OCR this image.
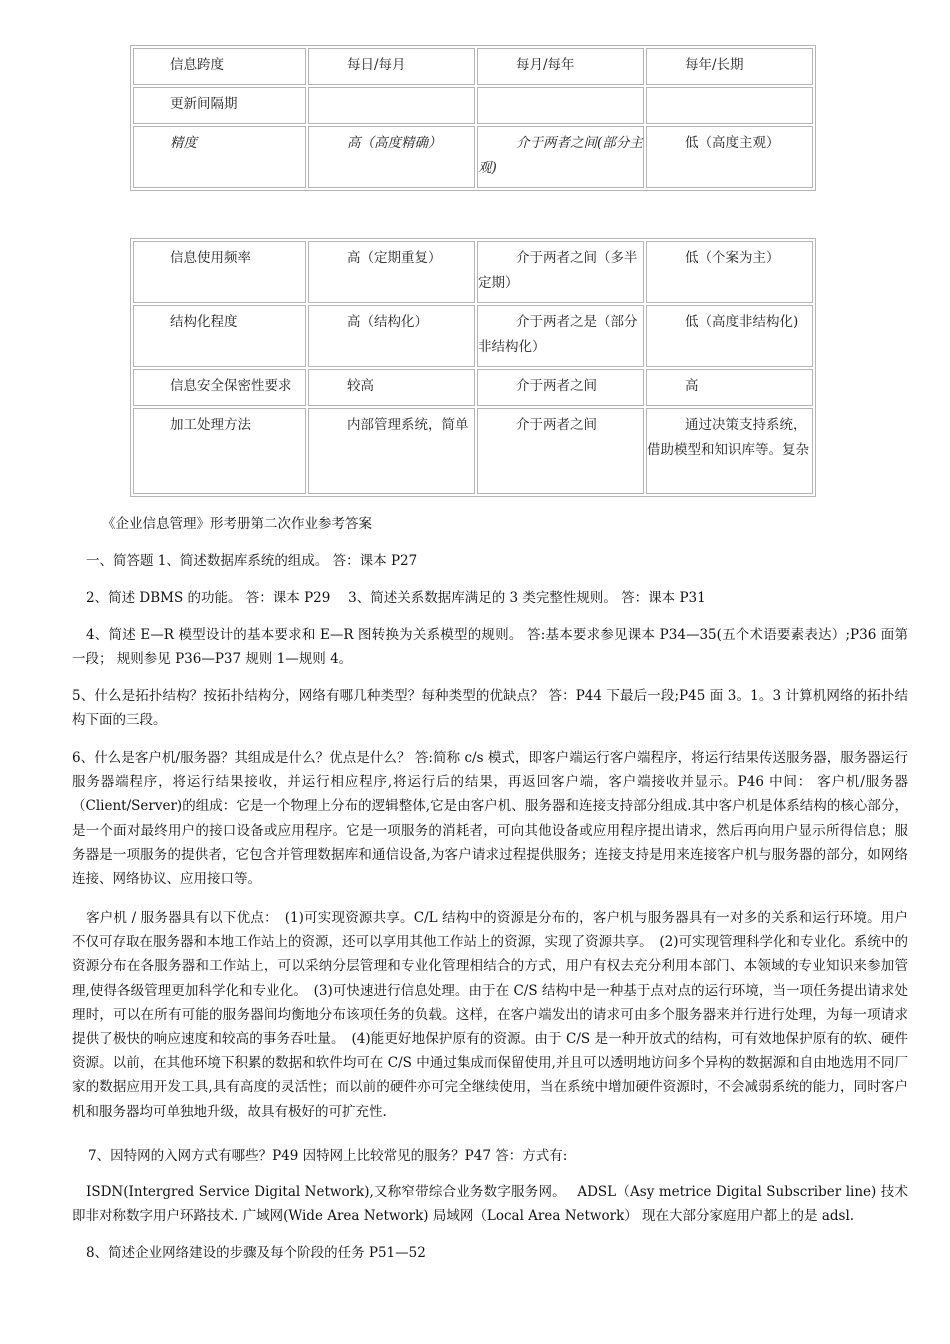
信息跨度	每日/每月	每月/每年	每年/长期
更新间隔期			
精度	高（高度精确）	介于两者之间(部分主观)	低（高度主观）
信息使用频率	高（定期重复）	介于两者之间（多半定期）	低（个案为主）
结构化程度	高（结构化）	介于两者之是（部分非结构化）	低（高度非结构化)
信息安全保密性要求	较高	介于两者之间	高
加工处理方法	内部管理系统，简单	介于两者之间	通过决策支持系统，借助模型和知识库等。复杂
《企业信息管理》形考册第二次作业参考答案
一、简答题 1、简述数据库系统的组成。 答：课本 P27
2、简述 DBMS 的功能。 答：课本 P29　 3、简述关系数据库满足的 3 类完整性规则。 答：课本 P31
4、简述 E—R 模型设计的基本要求和 E—R 图转换为关系模型的规则。 答:基本要求参见课本 P34—35(五个术语要素表达）;P36 面第一段； 规则参见 P36—P37 规则 1—规则 4。
5、什么是拓扑结构？按拓扑结构分，网络有哪几种类型？每种类型的优缺点？ 答：P44 下最后一段;P45 面 3。1。3 计算机网络的拓扑结构下面的三段。
6、什么是客户机/服务器？其组成是什么？优点是什么？ 答:简称 c/s 模式，即客户端运行客户端程序，将运行结果传送服务器，服务器运行服务器端程序，将运行结果接收，并运行相应程序,将运行后的结果，再返回客户端，客户端接收并显示。P46 中间： 客户机/服务器（Client/Server)的组成：它是一个物理上分布的逻辑整体,它是由客户机、服务器和连接支持部分组成.其中客户机是体系结构的核心部分，是一个面对最终用户的接口设备或应用程序。它是一项服务的消耗者，可向其他设备或应用程序提出请求，然后再向用户显示所得信息；服务器是一项服务的提供者，它包含并管理数据库和通信设备,为客户请求过程提供服务；连接支持是用来连接客户机与服务器的部分，如网络连接、网络协议、应用接口等。
客户机 / 服务器具有以下优点：　(1)可实现资源共享。C/L 结构中的资源是分布的，客户机与服务器具有一对多的关系和运行环境。用户不仅可存取在服务器和本地工作站上的资源，还可以享用其他工作站上的资源，实现了资源共享。　(2)可实现管理科学化和专业化。系统中的资源分布在各服务器和工作站上，可以采纳分层管理和专业化管理相结合的方式，用户有权去充分利用本部门、本领域的专业知识来参加管理,使得各级管理更加科学化和专业化。　(3)可快速进行信息处理。由于在 C/S 结构中是一种基于点对点的运行环境，当一项任务提出请求处理时，可以在所有可能的服务器间均衡地分布该项任务的负载。这样，在客户端发出的请求可由多个服务器来并行进行处理，为每一项请求提供了极快的响应速度和较高的事务吞吐量。　(4)能更好地保护原有的资源。由于 C/S 是一种开放式的结构，可有效地保护原有的软、硬件资源。以前，在其他环境下积累的数据和软件均可在 C/S 中通过集成而保留使用,并且可以透明地访问多个异构的数据源和自由地选用不同厂家的数据应用开发工具,具有高度的灵活性；而以前的硬件亦可完全继续使用，当在系统中增加硬件资源时，不会减弱系统的能力，同时客户机和服务器均可单独地升级，故具有极好的可扩充性.
7、因特网的入网方式有哪些？P49 因特网上比较常见的服务？P47 答：方式有:
ISDN(Intergred Service Digital Network),又称窄带综合业务数字服务网。　 ADSL（Asy metrice Digital Subscriber line) 技术即非对称数字用户环路技术. 广域网(Wide Area Network) 局域网（Local Area Network） 现在大部分家庭用户都上的是 adsl.
8、简述企业网络建设的步骤及每个阶段的任务 P51—52
